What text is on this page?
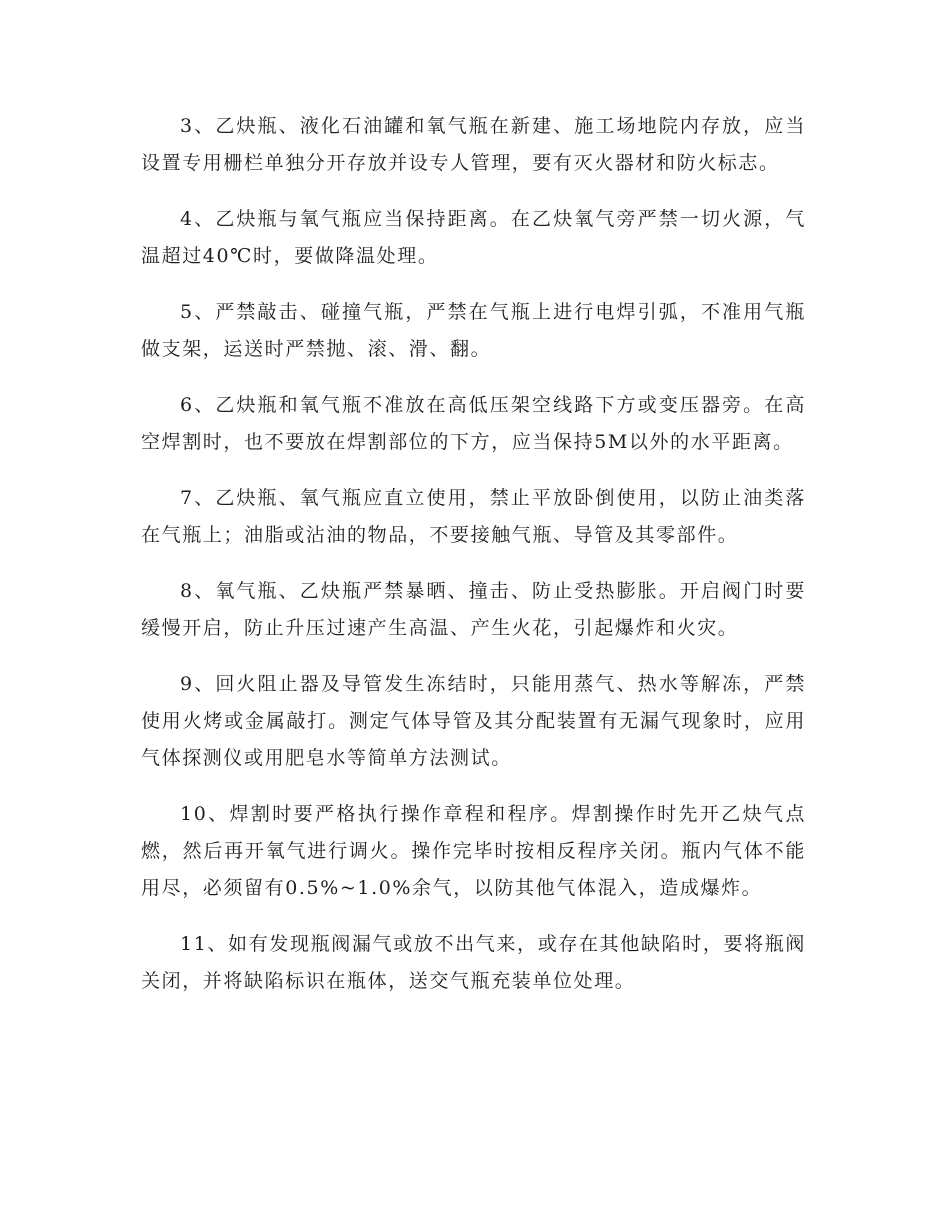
3、乙炔瓶、液化石油罐和氧气瓶在新建、施工场地院内存放，应当设置专用栅栏单独分开存放并设专人管理，要有灭火器材和防火标志。

4、乙炔瓶与氧气瓶应当保持距离。在乙炔氧气旁严禁一切火源，气温超过40℃时，要做降温处理。

5、严禁敲击、碰撞气瓶，严禁在气瓶上进行电焊引弧，不准用气瓶做支架，运送时严禁抛、滚、滑、翻。

6、乙炔瓶和氧气瓶不准放在高低压架空线路下方或变压器旁。在高空焊割时，也不要放在焊割部位的下方，应当保持5M以外的水平距离。

7、乙炔瓶、氧气瓶应直立使用，禁止平放卧倒使用，以防止油类落在气瓶上；油脂或沾油的物品，不要接触气瓶、导管及其零部件。

8、氧气瓶、乙炔瓶严禁暴晒、撞击、防止受热膨胀。开启阀门时要缓慢开启，防止升压过速产生高温、产生火花，引起爆炸和火灾。

9、回火阻止器及导管发生冻结时，只能用蒸气、热水等解冻，严禁使用火烤或金属敲打。测定气体导管及其分配装置有无漏气现象时，应用气体探测仪或用肥皂水等简单方法测试。

10、焊割时要严格执行操作章程和程序。焊割操作时先开乙炔气点燃，然后再开氧气进行调火。操作完毕时按相反程序关闭。瓶内气体不能用尽，必须留有0.5%~1.0%余气，以防其他气体混入，造成爆炸。

11、如有发现瓶阀漏气或放不出气来，或存在其他缺陷时，要将瓶阀关闭，并将缺陷标识在瓶体，送交气瓶充装单位处理。
